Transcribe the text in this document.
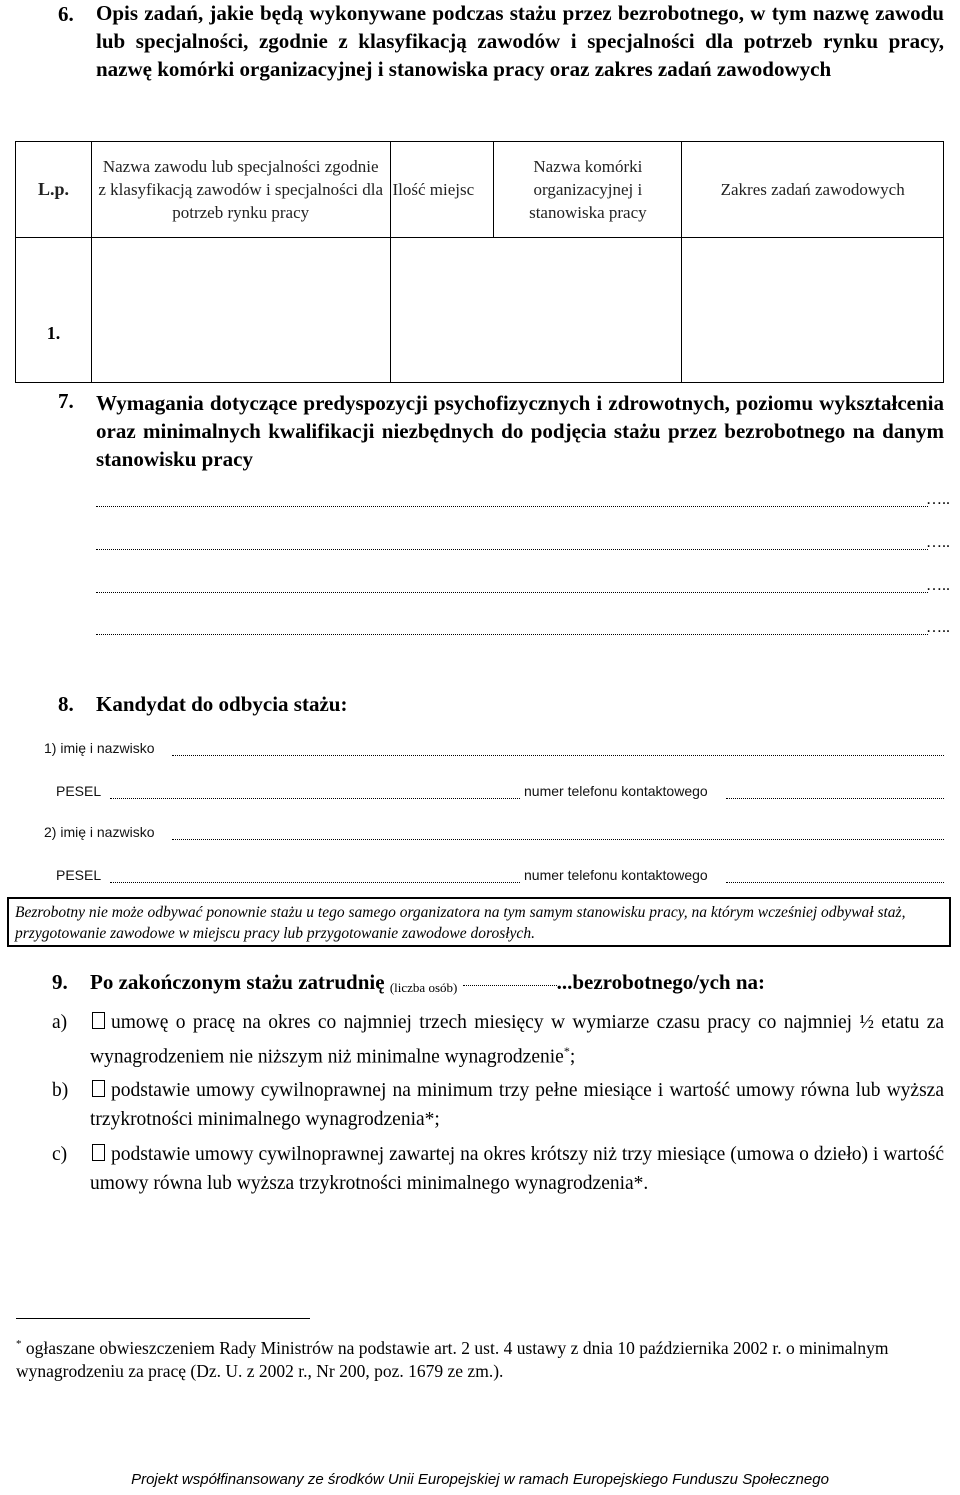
6. Opis zadań, jakie będą wykonywane podczas stażu przez bezrobotnego, w tym nazwę zawodu lub specjalności, zgodnie z klasyfikacją zawodów i specjalności dla potrzeb rynku pracy, nazwę komórki organizacyjnej i stanowiska pracy oraz zakres zadań zawodowych
L.p.	Nazwa zawodu lub specjalności zgodnie z klasyfikacją zawodów i specjalności dla potrzeb rynku pracy	Ilość miejsc	Nazwa komórki organizacyjnej i stanowiska pracy	Zakres zadań zawodowych
1.				
7. Wymagania dotyczące predyspozycji psychofizycznych i zdrowotnych, poziomu wykształcenia oraz minimalnych kwalifikacji niezbędnych do podjęcia stażu przez bezrobotnego na danym stanowisku pracy
…..
…..
…..
…..
8. Kandydat do odbycia stażu:
1) imię i nazwisko
PESEL	numer telefonu kontaktowego
2) imię i nazwisko
PESEL	numer telefonu kontaktowego
Bezrobotny nie może odbywać ponownie stażu u tego samego organizatora na tym samym stanowisku pracy, na którym wcześniej odbywał staż, przygotowanie zawodowe w miejscu pracy lub przygotowanie zawodowe dorosłych.
9. Po zakończonym stażu zatrudnię (liczba osób)	...bezrobotnego/ych na:
a)	umowę o pracę na okres co najmniej trzech miesięcy w wymiarze czasu pracy co najmniej ½ etatu za wynagrodzeniem nie niższym niż minimalne wynagrodzenie*;
b)	podstawie umowy cywilnoprawnej na minimum trzy pełne miesiące i wartość umowy równa lub wyższa trzykrotności minimalnego wynagrodzenia*;
c)	podstawie umowy cywilnoprawnej zawartej na okres krótszy niż trzy miesiące (umowa o dzieło) i wartość umowy równa lub wyższa trzykrotności minimalnego wynagrodzenia*.
* ogłaszane obwieszczeniem Rady Ministrów na podstawie art. 2 ust. 4 ustawy z dnia 10 października 2002 r. o minimalnym wynagrodzeniu za pracę (Dz. U. z 2002 r., Nr 200, poz. 1679 ze zm.).
Projekt współfinansowany ze środków Unii Europejskiej w ramach Europejskiego Funduszu Społecznego
